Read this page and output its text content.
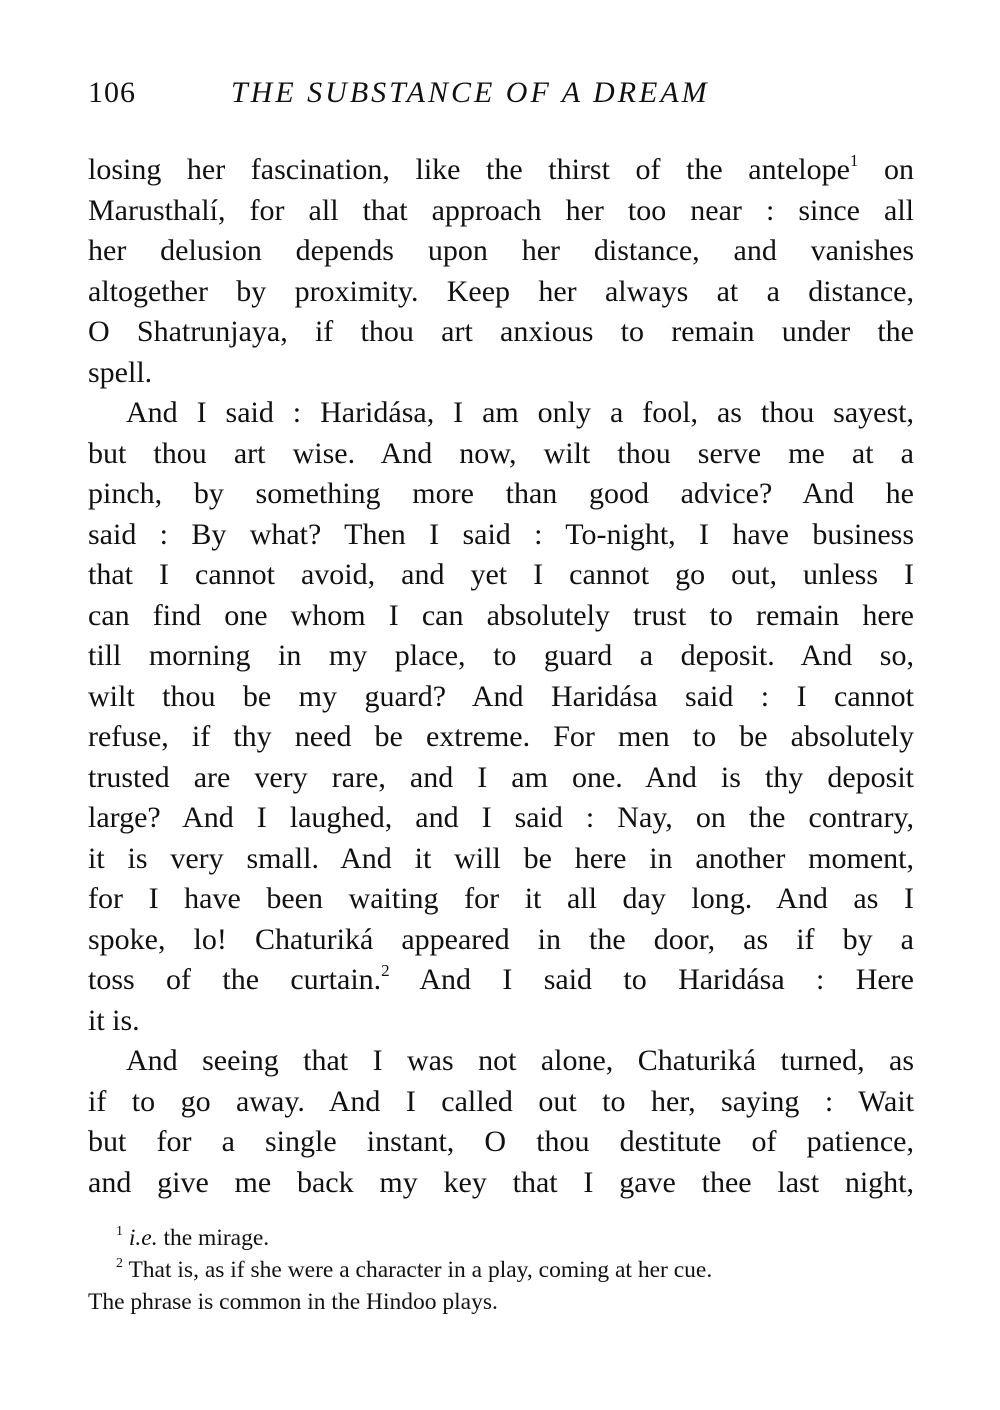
106	THE SUBSTANCE OF A DREAM
losing her fascination, like the thirst of the antelope$^1$ on
Marusthalí, for all that approach her too near : since all
her delusion depends upon her distance, and vanishes
altogether by proximity. Keep her always at a distance,
O Shatrunjaya, if thou art anxious to remain under the
spell.
And I said : Haridása, I am only a fool, as thou sayest,
but thou art wise. And now, wilt thou serve me at a
pinch, by something more than good advice? And he
said : By what? Then I said : To-night, I have business
that I cannot avoid, and yet I cannot go out, unless I
can find one whom I can absolutely trust to remain here
till morning in my place, to guard a deposit. And so,
wilt thou be my guard? And Haridása said : I cannot
refuse, if thy need be extreme. For men to be absolutely
trusted are very rare, and I am one. And is thy deposit
large? And I laughed, and I said : Nay, on the contrary,
it is very small. And it will be here in another moment,
for I have been waiting for it all day long. And as I
spoke, lo! Chaturiká appeared in the door, as if by a
toss of the curtain.$^2$ And I said to Haridása : Here
it is.
And seeing that I was not alone, Chaturiká turned, as
if to go away. And I called out to her, saying : Wait
but for a single instant, O thou destitute of patience,
and give me back my key that I gave thee last night,
$^1$ i.e. the mirage.
$^2$ That is, as if she were a character in a play, coming at her cue.
The phrase is common in the Hindoo plays.
